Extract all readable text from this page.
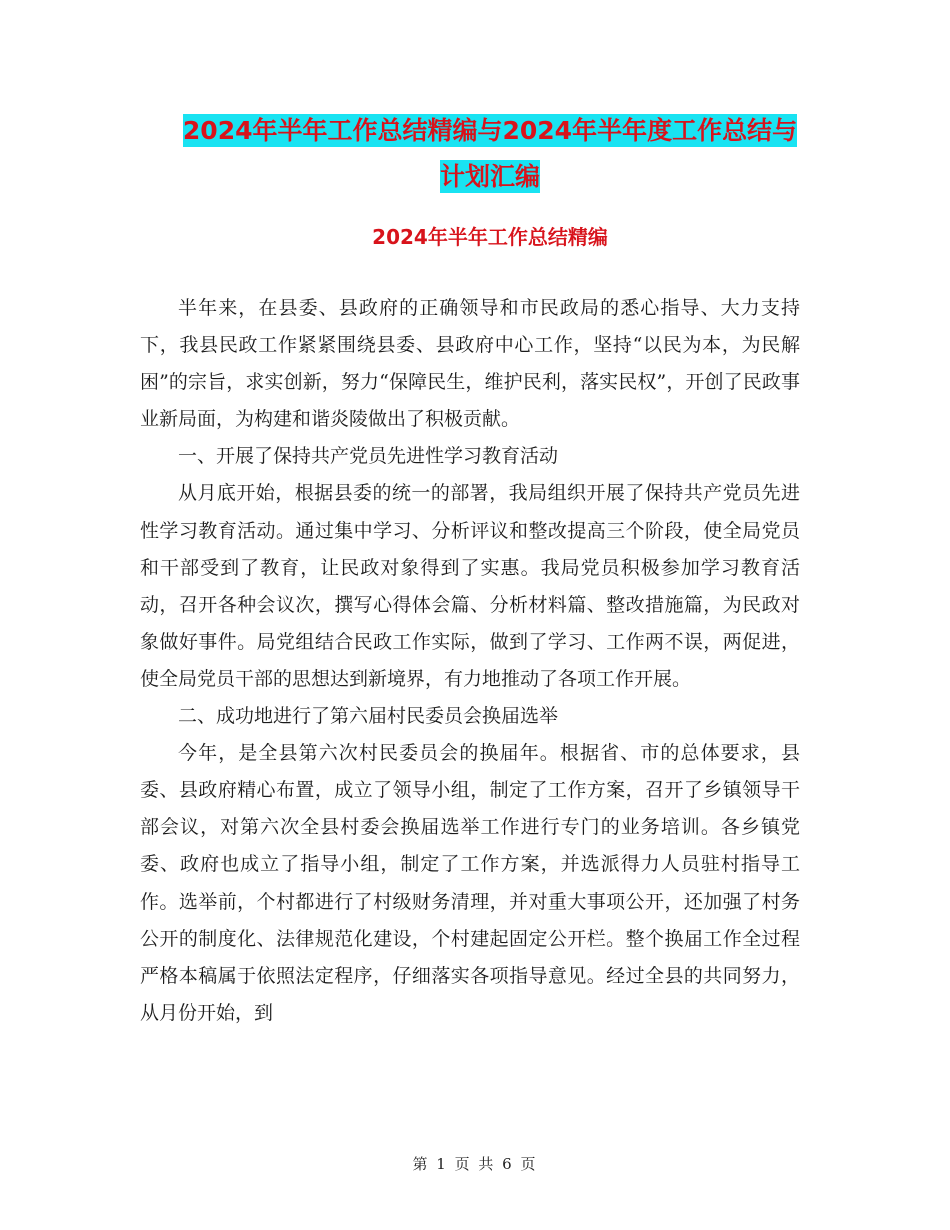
2024年半年工作总结精编与2024年半年度工作总结与
计划汇编
2024年半年工作总结精编

半年来，在县委、县政府的正确领导和市民政局的悉心指导、大力支持下，我县民政工作紧紧围绕县委、县政府中心工作，坚持“以民为本，为民解困”的宗旨，求实创新，努力“保障民生，维护民利，落实民权”，开创了民政事业新局面，为构建和谐炎陵做出了积极贡献。

一、开展了保持共产党员先进性学习教育活动

从月底开始，根据县委的统一的部署，我局组织开展了保持共产党员先进性学习教育活动。通过集中学习、分析评议和整改提高三个阶段，使全局党员和干部受到了教育，让民政对象得到了实惠。我局党员积极参加学习教育活动，召开各种会议次，撰写心得体会篇、分析材料篇、整改措施篇，为民政对象做好事件。局党组结合民政工作实际，做到了学习、工作两不误，两促进，使全局党员干部的思想达到新境界，有力地推动了各项工作开展。

二、成功地进行了第六届村民委员会换届选举

今年，是全县第六次村民委员会的换届年。根据省、市的总体要求，县委、县政府精心布置，成立了领导小组，制定了工作方案，召开了乡镇领导干部会议，对第六次全县村委会换届选举工作进行专门的业务培训。各乡镇党委、政府也成立了指导小组，制定了工作方案，并选派得力人员驻村指导工作。选举前，个村都进行了村级财务清理，并对重大事项公开，还加强了村务公开的制度化、法律规范化建设，个村建起固定公开栏。整个换届工作全过程严格本稿属于依照法定程序，仔细落实各项指导意见。经过全县的共同努力，从月份开始，到

第 1 页 共 6 页
